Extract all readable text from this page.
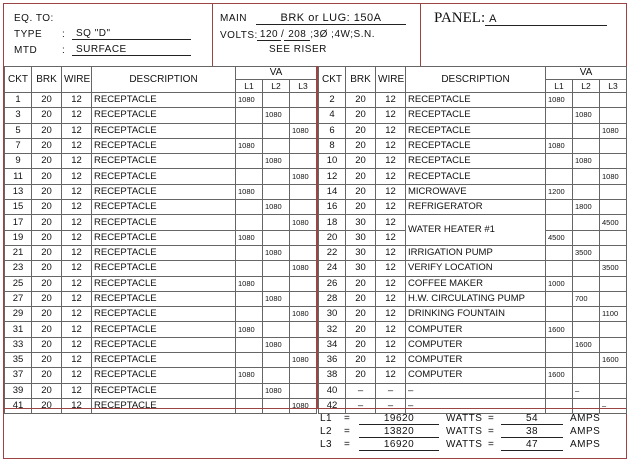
EQ. TO:
TYPE :	SQ "D"
MTD :	SURFACE
MAIN	BRK or LUG: 150A
VOLTS: 120 / 208 ;3Ø ;4W;S.N.
SEE RISER
PANEL: A
CKT	BRK	WIRE	DESCRIPTION	VA		
				L1	L2	L3
1	20	12	RECEPTACLE	1080		
3	20	12	RECEPTACLE		1080	
5	20	12	RECEPTACLE			1080
7	20	12	RECEPTACLE	1080		
9	20	12	RECEPTACLE		1080	
11	20	12	RECEPTACLE			1080
13	20	12	RECEPTACLE	1080		
15	20	12	RECEPTACLE		1080	
17	20	12	RECEPTACLE			1080
19	20	12	RECEPTACLE	1080		
21	20	12	RECEPTACLE		1080	
23	20	12	RECEPTACLE			1080
25	20	12	RECEPTACLE	1080		
27	20	12	RECEPTACLE		1080	
29	20	12	RECEPTACLE			1080
31	20	12	RECEPTACLE	1080		
33	20	12	RECEPTACLE		1080	
35	20	12	RECEPTACLE			1080
37	20	12	RECEPTACLE	1080		
39	20	12	RECEPTACLE		1080	
41	20	12	RECEPTACLE			1080
CKT	BRK	WIRE	DESCRIPTION	VA		
				L1	L2	L3
2	20	12	RECEPTACLE	1080		
4	20	12	RECEPTACLE		1080	
6	20	12	RECEPTACLE			1080
8	20	12	RECEPTACLE	1080		
10	20	12	RECEPTACLE		1080	
12	20	12	RECEPTACLE			1080
14	20	12	MICROWAVE	1200		
16	20	12	REFRIGERATOR		1800	
18	30	12	WATER HEATER #1			4500
20	30	12		4500		
22	30	12	IRRIGATION PUMP		3500	
24	30	12	VERIFY LOCATION			3500
26	20	12	COFFEE MAKER	1000		
28	20	12	H.W. CIRCULATING PUMP		700	
30	20	12	DRINKING FOUNTAIN			1100
32	20	12	COMPUTER	1600		
34	20	12	COMPUTER		1600	
36	20	12	COMPUTER			1600
38	20	12	COMPUTER	1600		
40	–	–	–		–	
42	–	–	–			–
L1 =	19620	WATTS =	54	AMPS
L2 =	13820	WATTS =	38	AMPS
L3 =	16920	WATTS =	47	AMPS
